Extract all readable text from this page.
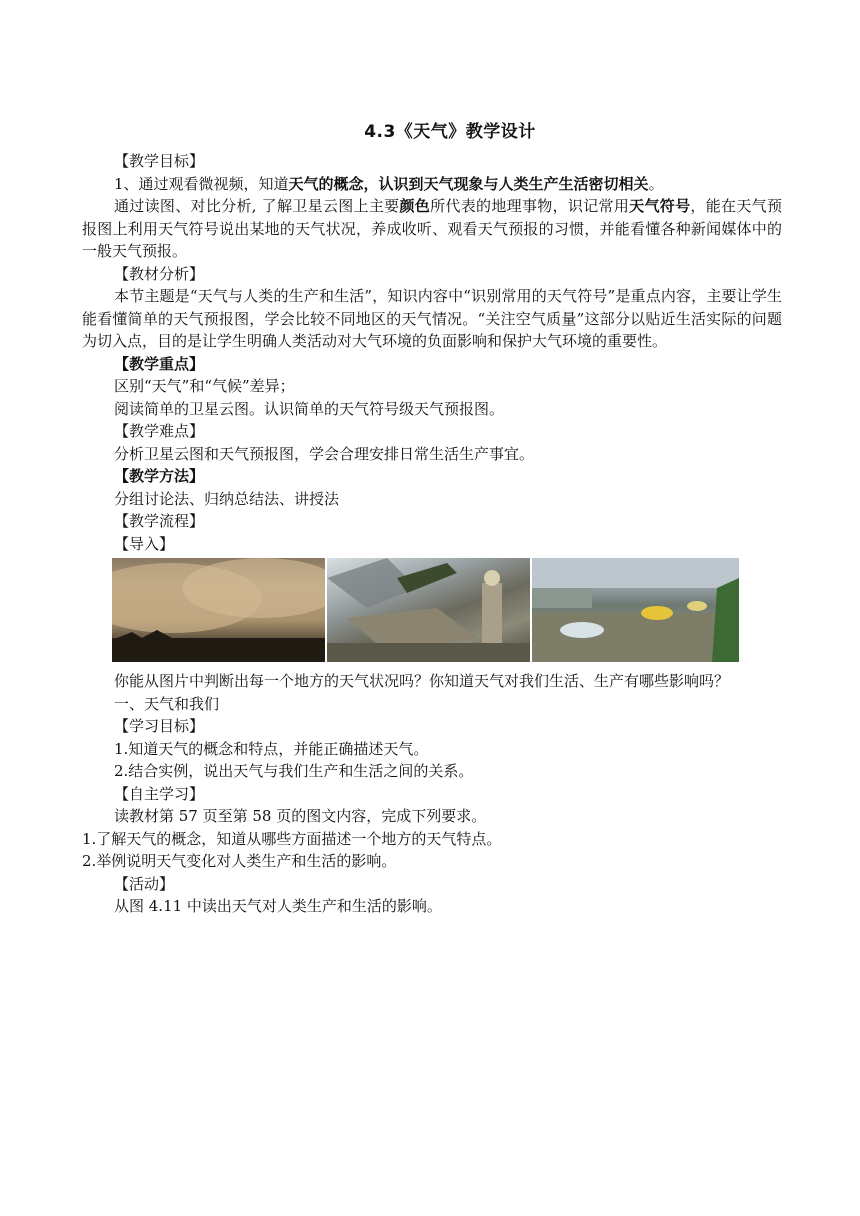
4.3《天气》教学设计

【教学目标】

1、通过观看微视频，知道天气的概念，认识到天气现象与人类生产生活密切相关。

通过读图、对比分析, 了解卫星云图上主要颜色所代表的地理事物，识记常用天气符号，能在天气预报图上利用天气符号说出某地的天气状况，养成收听、观看天气预报的习惯，并能看懂各种新闻媒体中的一般天气预报。

【教材分析】

本节主题是“天气与人类的生产和生活”，知识内容中“识别常用的天气符号”是重点内容，主要让学生能看懂简单的天气预报图，学会比较不同地区的天气情况。“关注空气质量”这部分以贴近生活实际的问题为切入点，目的是让学生明确人类活动对大气环境的负面影响和保护大气环境的重要性。

【教学重点】

区别“天气”和“气候”差异；

阅读简单的卫星云图。认识简单的天气符号级天气预报图。

【教学难点】

分析卫星云图和天气预报图，学会合理安排日常生活生产事宜。

【教学方法】

分组讨论法、归纳总结法、讲授法

【教学流程】

【导入】

你能从图片中判断出每一个地方的天气状况吗？你知道天气对我们生活、生产有哪些影响吗？

一、天气和我们

【学习目标】

1.知道天气的概念和特点，并能正确描述天气。

2.结合实例，说出天气与我们生产和生活之间的关系。

【自主学习】

读教材第 57 页至第 58 页的图文内容，完成下列要求。

1.了解天气的概念，知道从哪些方面描述一个地方的天气特点。

2.举例说明天气变化对人类生产和生活的影响。

【活动】

从图 4.11 中读出天气对人类生产和生活的影响。
